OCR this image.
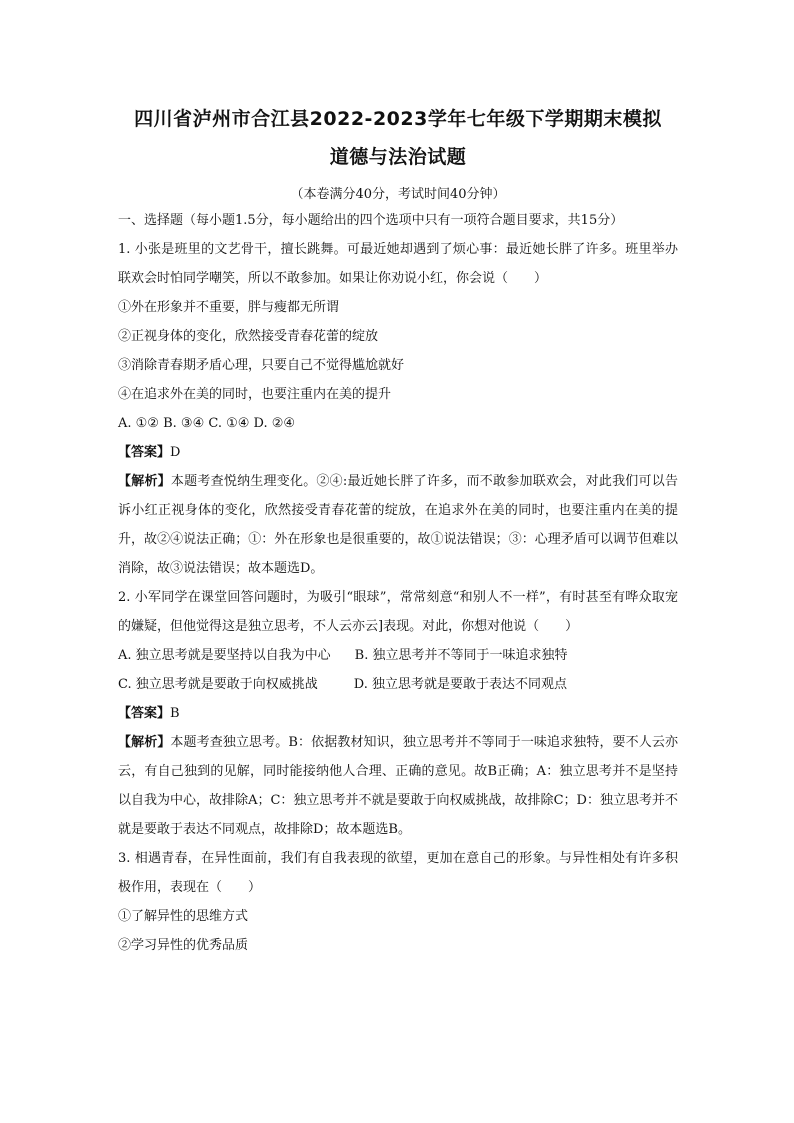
四川省泸州市合江县2022-2023学年七年级下学期期末模拟
道德与法治试题
（本卷满分40分，考试时间40分钟）
一、选择题（每小题1.5分，每小题给出的四个选项中只有一项符合题目要求，共15分）
1. 小张是班里的文艺骨干，擅长跳舞。可最近她却遇到了烦心事：最近她长胖了许多。班里举办联欢会时怕同学嘲笑，所以不敢参加。如果让你劝说小红，你会说（　　）
①外在形象并不重要，胖与瘦都无所谓
②正视身体的变化，欣然接受青春花蕾的绽放
③消除青春期矛盾心理，只要自己不觉得尴尬就好
④在追求外在美的同时，也要注重内在美的提升
A. ①② B. ③④ C. ①④ D. ②④
【答案】D
【解析】本题考查悦纳生理变化。②④:最近她长胖了许多，而不敢参加联欢会，对此我们可以告诉小红正视身体的变化，欣然接受青春花蕾的绽放，在追求外在美的同时，也要注重内在美的提升，故②④说法正确；①：外在形象也是很重要的，故①说法错误；③：心理矛盾可以调节但难以消除，故③说法错误；故本题选D。
2. 小军同学在课堂回答问题时，为吸引“眼球”，常常刻意“和别人不一样”，有时甚至有哗众取宠的嫌疑，但他觉得这是独立思考，不人云亦云]表现。对此，你想对他说（　　）
A. 独立思考就是要坚持以自我为中心 B. 独立思考并不等同于一味追求独特
C. 独立思考就是要敢于向权威挑战	D. 独立思考就是要敢于表达不同观点
【答案】B
【解析】本题考查独立思考。B：依据教材知识，独立思考并不等同于一味追求独特，要不人云亦云，有自己独到的见解，同时能接纳他人合理、正确的意见。故B正确；A：独立思考并不是坚持以自我为中心，故排除A；C：独立思考并不就是要敢于向权威挑战，故排除C；D：独立思考并不就是要敢于表达不同观点，故排除D；故本题选B。
3. 相遇青春，在异性面前，我们有自我表现的欲望，更加在意自己的形象。与异性相处有许多积极作用，表现在（　　）
①了解异性的思维方式
②学习异性的优秀品质
